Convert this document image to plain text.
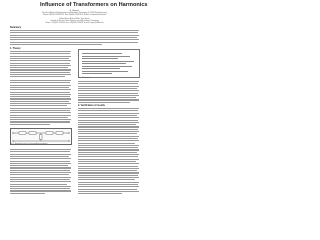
Influence of Transformers on Harmonics
H. Heyman
Faculty of Electrical Engineering and Information Technology, D-12345 Berlin/Germany
Phone: 49(0)30 12345-6789, Fax: 49(0)30 1234-5678, E-mail: h.heyman@elektro.de
Robert Meyer, Achim Müller, Vera Schulz
Institute of Electric Power Systems and High Voltage Technology
Phone: +49(0)30-1234-56, Fax: +49(0)30-1234-78, E-mail: meyer@elektro.de
Summary
1. Theory
Fig. 1: Equivalent circuit of a two-winding transformer
Tab. 1: Equations
2. Verification of results
